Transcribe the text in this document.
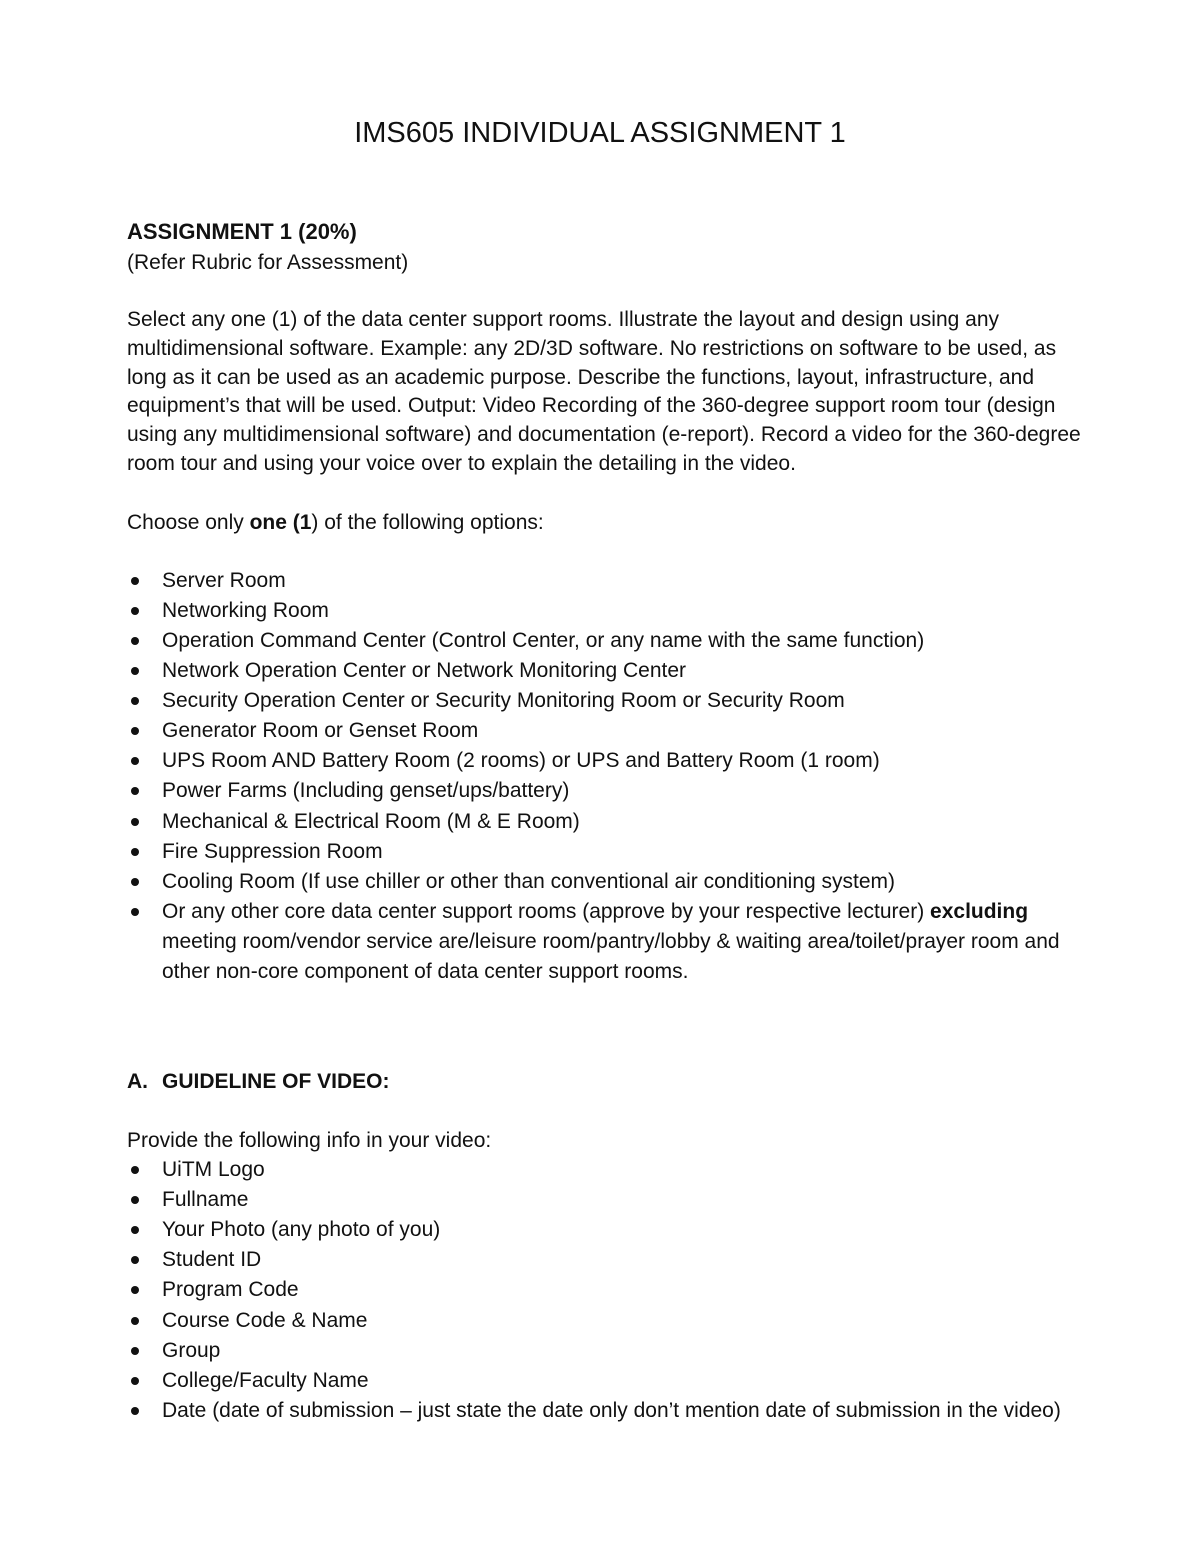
IMS605 INDIVIDUAL ASSIGNMENT 1

ASSIGNMENT 1 (20%)

(Refer Rubric for Assessment)

Select any one (1) of the data center support rooms. Illustrate the layout and design using any multidimensional software. Example: any 2D/3D software. No restrictions on software to be used, as long as it can be used as an academic purpose. Describe the functions, layout, infrastructure, and equipment’s that will be used. Output: Video Recording of the 360-degree support room tour (design using any multidimensional software) and documentation (e-report). Record a video for the 360-degree room tour and using your voice over to explain the detailing in the video.

Choose only one (1) of the following options:

Server Room
Networking Room
Operation Command Center (Control Center, or any name with the same function)
Network Operation Center or Network Monitoring Center
Security Operation Center or Security Monitoring Room or Security Room
Generator Room or Genset Room
UPS Room AND Battery Room (2 rooms) or UPS and Battery Room (1 room)
Power Farms (Including genset/ups/battery)
Mechanical & Electrical Room (M & E Room)
Fire Suppression Room
Cooling Room (If use chiller or other than conventional air conditioning system)
Or any other core data center support rooms (approve by your respective lecturer) excluding meeting room/vendor service are/leisure room/pantry/lobby & waiting area/toilet/prayer room and other non-core component of data center support rooms.

A. GUIDELINE OF VIDEO:

Provide the following info in your video:

UiTM Logo
Fullname
Your Photo (any photo of you)
Student ID
Program Code
Course Code & Name
Group
College/Faculty Name
Date (date of submission – just state the date only don’t mention date of submission in the video)
